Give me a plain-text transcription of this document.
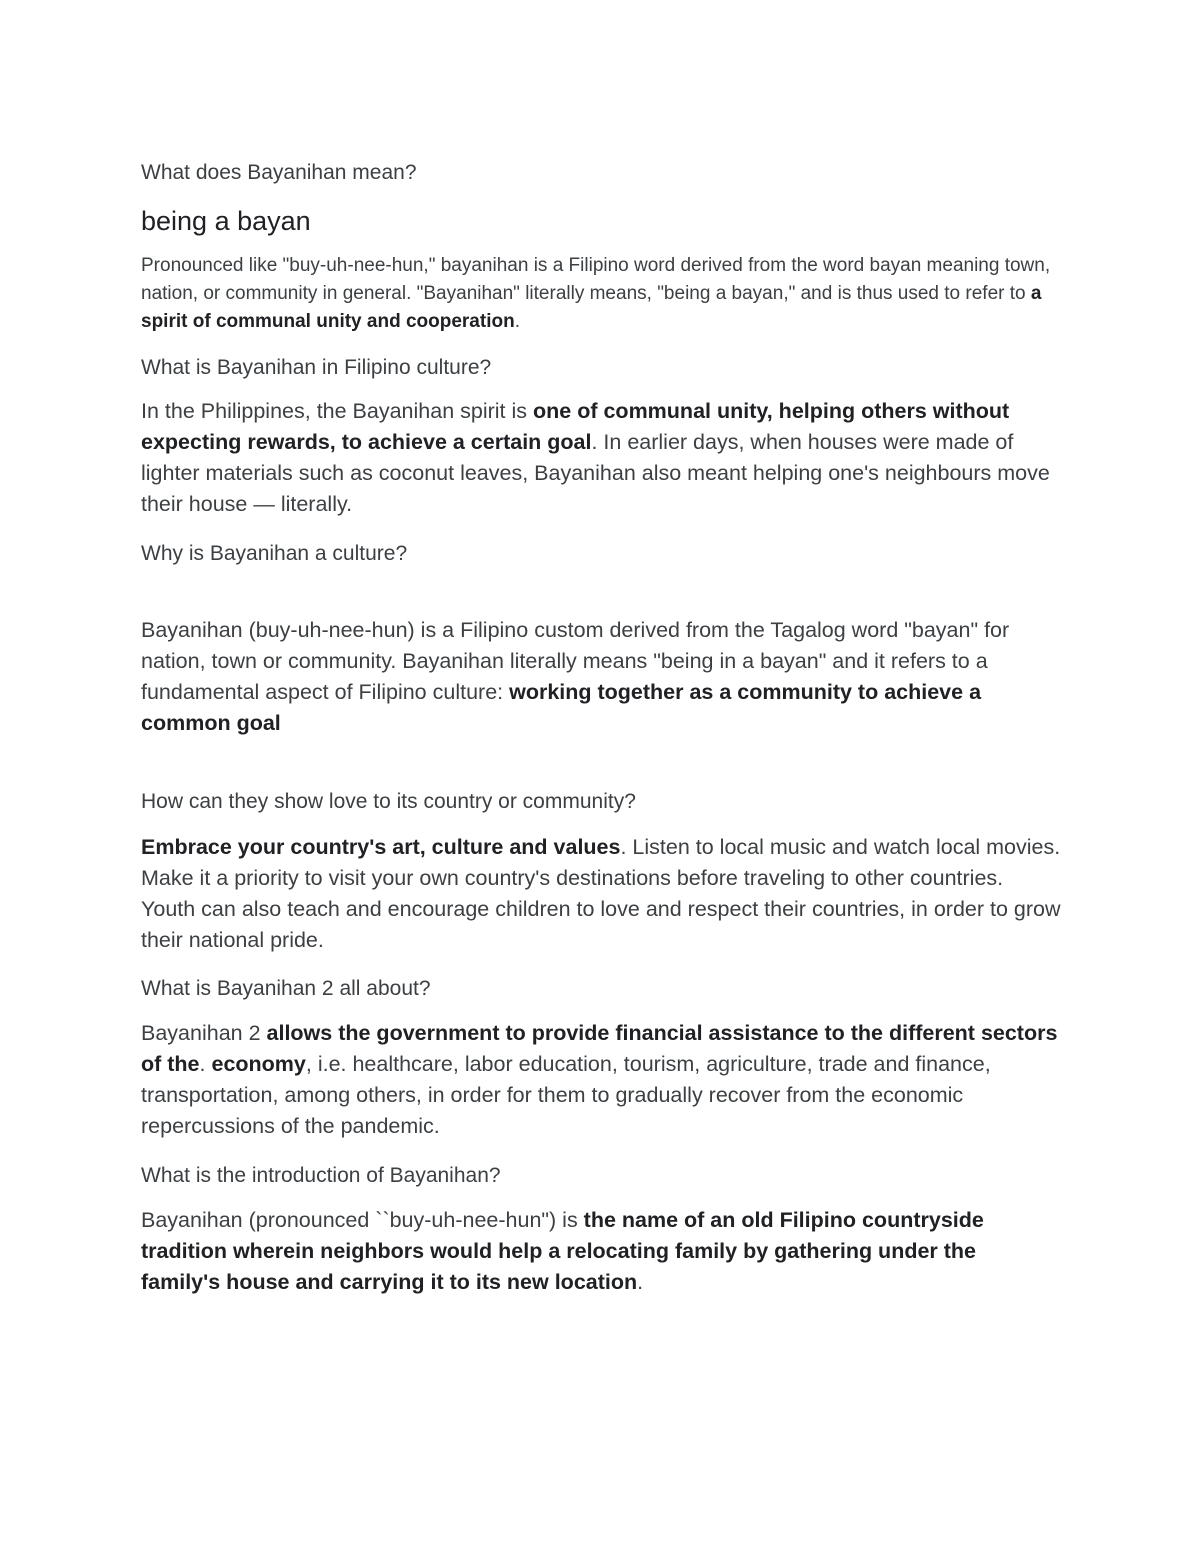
What does Bayanihan mean?
being a bayan
Pronounced like "buy-uh-nee-hun," bayanihan is a Filipino word derived from the word bayan meaning town, nation, or community in general. "Bayanihan" literally means, "being a bayan," and is thus used to refer to a spirit of communal unity and cooperation.
What is Bayanihan in Filipino culture?
In the Philippines, the Bayanihan spirit is one of communal unity, helping others without expecting rewards, to achieve a certain goal. In earlier days, when houses were made of lighter materials such as coconut leaves, Bayanihan also meant helping one's neighbours move their house — literally.
Why is Bayanihan a culture?
Bayanihan (buy-uh-nee-hun) is a Filipino custom derived from the Tagalog word "bayan" for nation, town or community. Bayanihan literally means "being in a bayan" and it refers to a fundamental aspect of Filipino culture: working together as a community to achieve a common goal
How can they show love to its country or community?
Embrace your country's art, culture and values. Listen to local music and watch local movies. Make it a priority to visit your own country's destinations before traveling to other countries. Youth can also teach and encourage children to love and respect their countries, in order to grow their national pride.
What is Bayanihan 2 all about?
Bayanihan 2 allows the government to provide financial assistance to the different sectors of the. economy, i.e. healthcare, labor education, tourism, agriculture, trade and finance, transportation, among others, in order for them to gradually recover from the economic repercussions of the pandemic.
What is the introduction of Bayanihan?
Bayanihan (pronounced ``buy-uh-nee-hun") is the name of an old Filipino countryside tradition wherein neighbors would help a relocating family by gathering under the family's house and carrying it to its new location.
